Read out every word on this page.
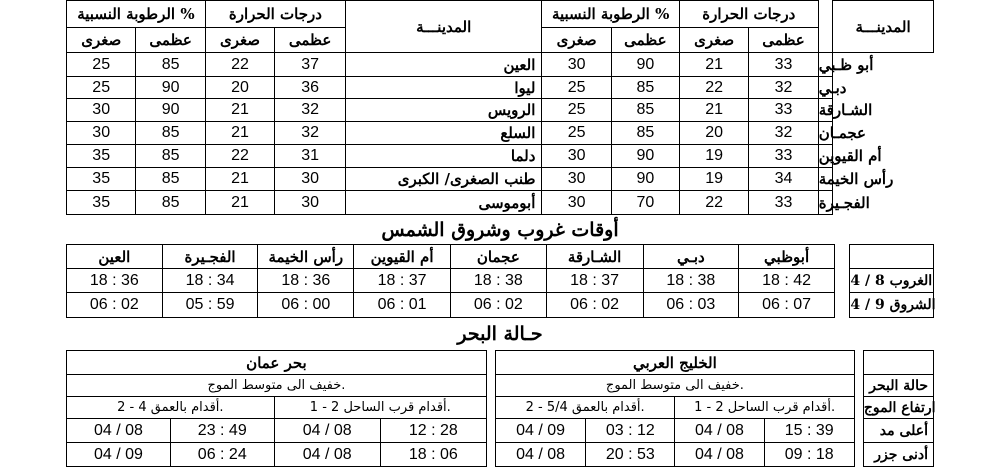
الرطوبة النسبية %		درجات الحرارة		المدينـــة	الرطوبة النسبية %		درجات الحرارة			المدينـــة
صغرى	عظمى	صغرى	عظمى		صغرى	عظمى	صغرى	عظمى		
25	85	22	37	العين	30	90	21	33	أبو ظـبي	
25	90	20	36	ليوا	25	85	22	32	دبـي	
30	90	21	32	الرويس	25	85	21	33	الشـارقة	
30	85	21	32	السلع	25	85	20	32	عجمـان	
35	85	22	31	دلما	30	90	19	33	أم القيوين	
35	85	21	30	طنب الصغرى/ الكبرى	30	90	19	34	رأس الخيمة	
35	85	21	30	أبوموسى	30	70	22	33	الفجـيرة	
أوقات غروب وشروق الشمس
العين	الفجـيرة	رأس الخيمة	أم القيوين	عجمان	الشـارقة	دبـي	أبوظبي		
18 : 36	18 : 34	18 : 36	18 : 37	18 : 38	18 : 37	18 : 38	18 : 42		الغروب 8 / 4
06 : 02	05 : 59	06 : 00	06 : 01	06 : 02	06 : 02	06 : 03	06 : 07		الشروق 9 / 4
حـالة البحر
بحر عمان					الخليج العربي					
خفيف الى متوسط الموج.					خفيف الى متوسط الموج.					حالة البحر
2 - 4 أقدام بالعمق.		1 - 2 أقدام قرب الساحل.			2 - 5/4 أقدام بالعمق.		1 - 2 أقدام قرب الساحل.			ارتفاع الموج
04 / 08	23 : 49	04 / 08	12 : 28		04 / 09	03 : 12	04 / 08	15 : 39		أعلى مد
04 / 09	06 : 24	04 / 08	18 : 06		04 / 08	20 : 53	04 / 08	09 : 18		أدنى جزر
